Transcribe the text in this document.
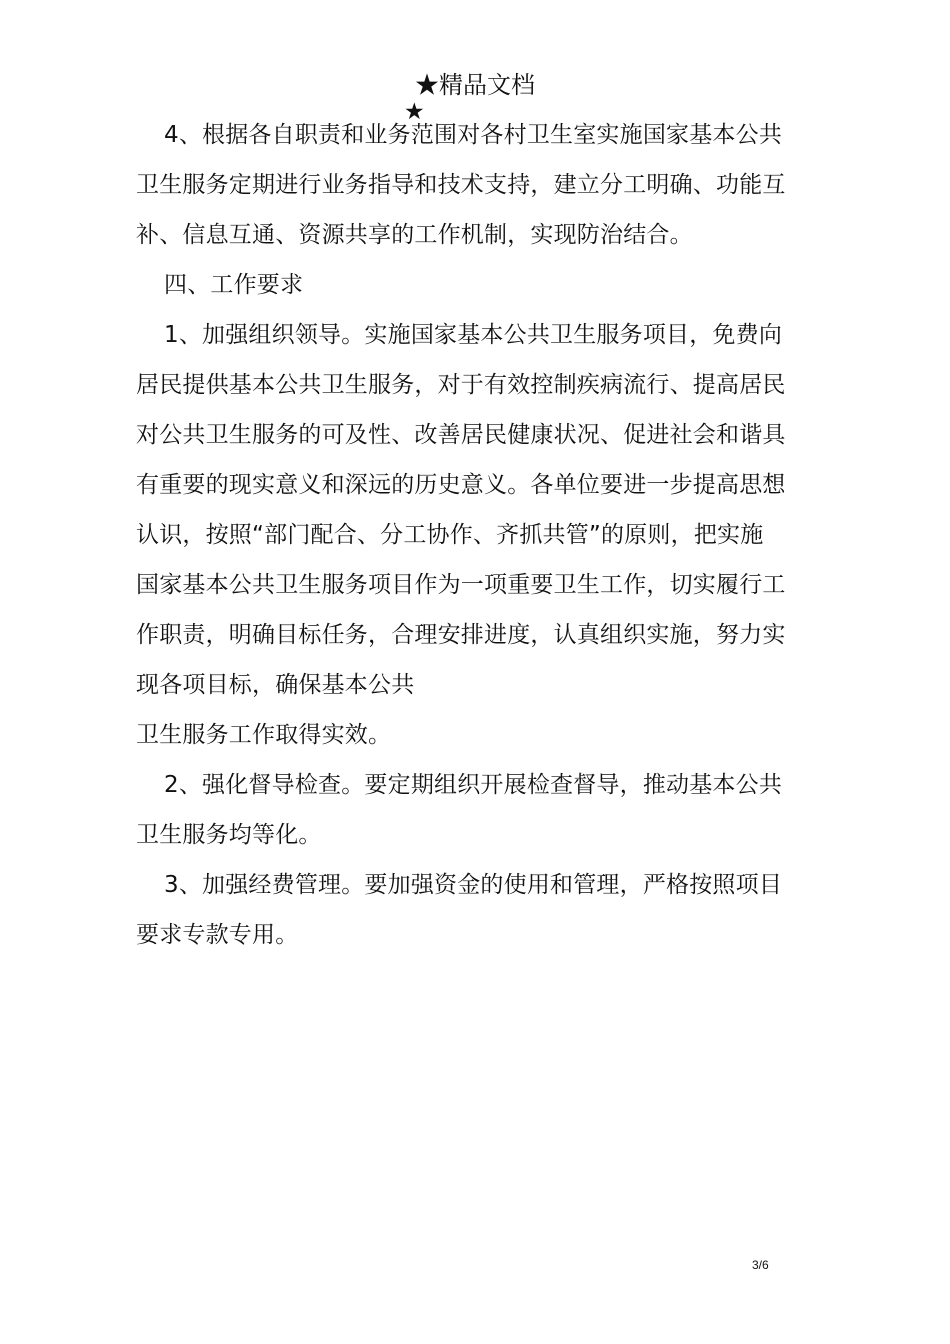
★精品文档
★
4、根据各自职责和业务范围对各村卫生室实施国家基本公共
卫生服务定期进行业务指导和技术支持，建立分工明确、功能互
补、信息互通、资源共享的工作机制，实现防治结合。
四、工作要求
1、加强组织领导。实施国家基本公共卫生服务项目，免费向
居民提供基本公共卫生服务，对于有效控制疾病流行、提高居民
对公共卫生服务的可及性、改善居民健康状况、促进社会和谐具
有重要的现实意义和深远的历史意义。各单位要进一步提高思想
认识，按照“部门配合、分工协作、齐抓共管”的原则，把实施
国家基本公共卫生服务项目作为一项重要卫生工作，切实履行工
作职责，明确目标任务，合理安排进度，认真组织实施，努力实
现各项目标，确保基本公共
卫生服务工作取得实效。
2、强化督导检查。要定期组织开展检查督导，推动基本公共
卫生服务均等化。
3、加强经费管理。要加强资金的使用和管理，严格按照项目
要求专款专用。
3/6
